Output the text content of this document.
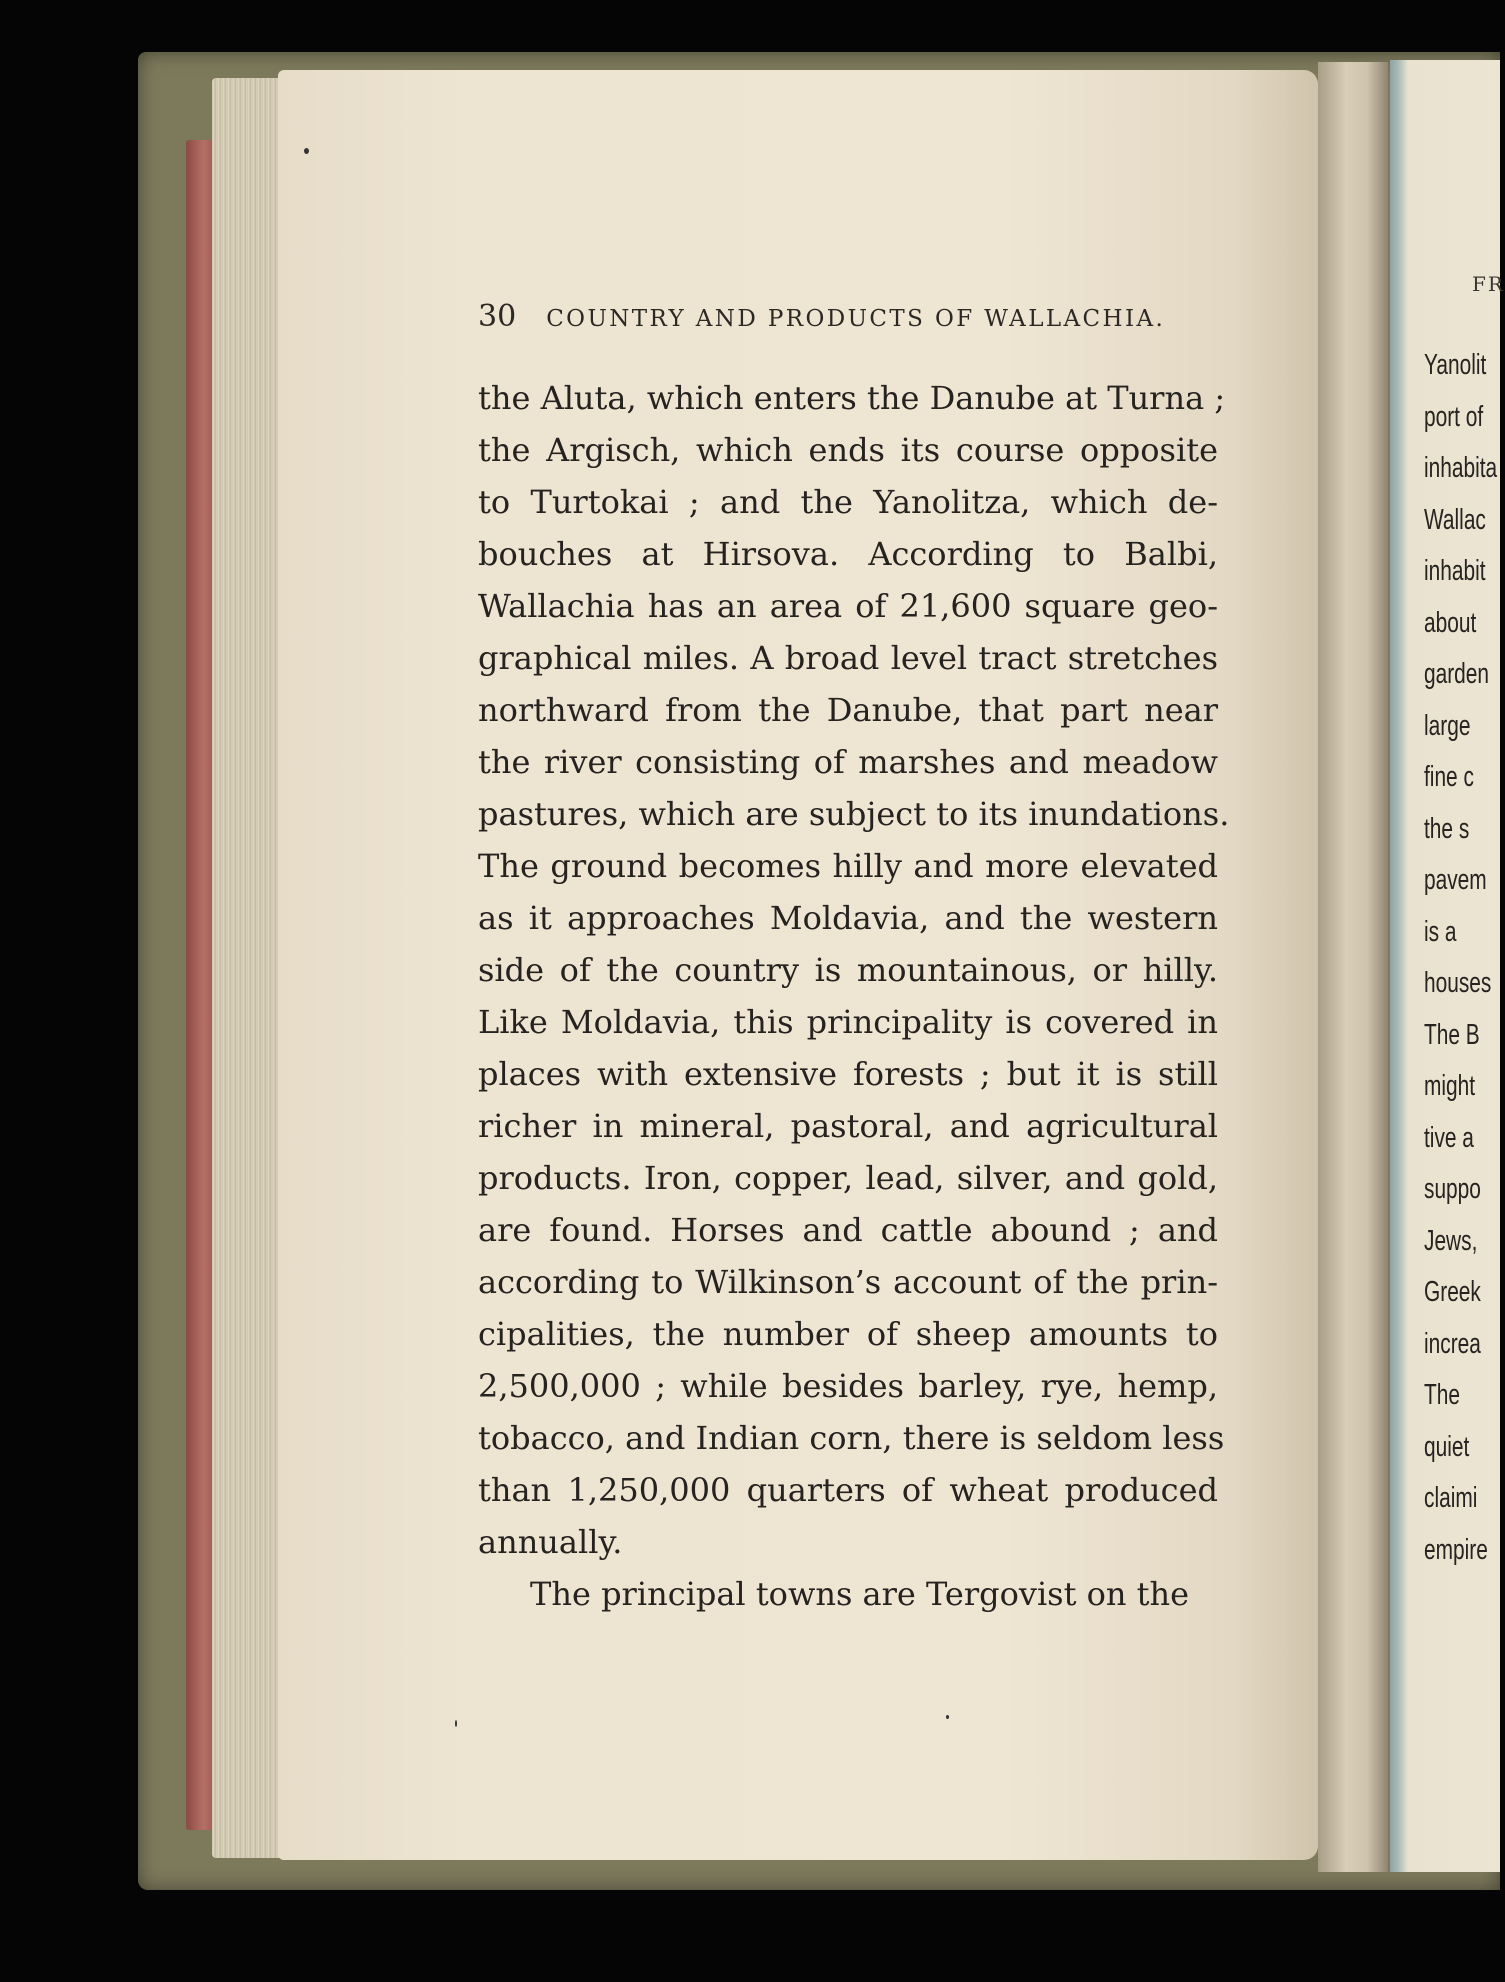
FR
Yanolit
port of
inhabita
Wallac
inhabit
about
garden
large
fine c
the s
pavem
is a
houses
The B
might
tive a
suppo
Jews,
Greek
increa
The
quiet
claimi
empire
30 COUNTRY AND PRODUCTS OF WALLACHIA.
the Aluta, which enters the Danube at Turna ;
the Argisch, which ends its course opposite
to Turtokai ; and the Yanolitza, which de-
bouches at Hirsova. According to Balbi,
Wallachia has an area of 21,600 square geo-
graphical miles. A broad level tract stretches
northward from the Danube, that part near
the river consisting of marshes and meadow
pastures, which are subject to its inundations.
The ground becomes hilly and more elevated
as it approaches Moldavia, and the western
side of the country is mountainous, or hilly.
Like Moldavia, this principality is covered in
places with extensive forests ; but it is still
richer in mineral, pastoral, and agricultural
products. Iron, copper, lead, silver, and gold,
are found. Horses and cattle abound ; and
according to Wilkinson’s account of the prin-
cipalities, the number of sheep amounts to
2,500,000 ; while besides barley, rye, hemp,
tobacco, and Indian corn, there is seldom less
than 1,250,000 quarters of wheat produced
annually.
The principal towns are Tergovist on the
